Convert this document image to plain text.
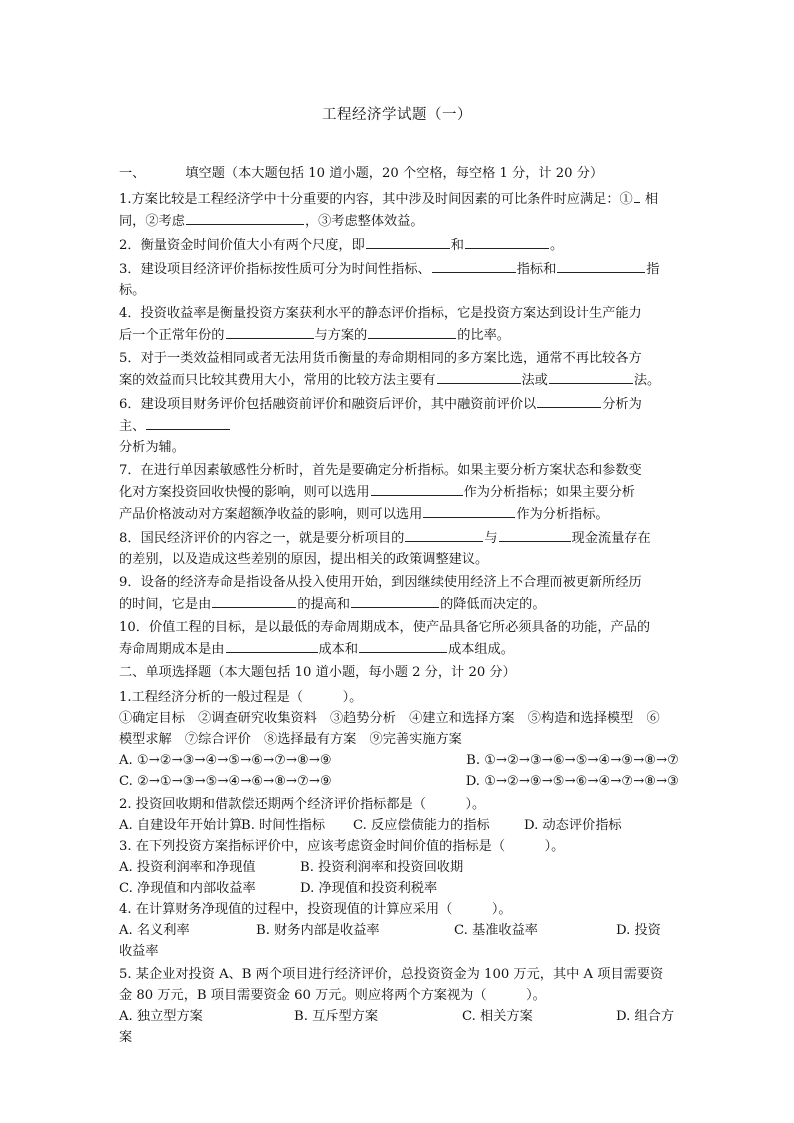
工程经济学试题（一）

一、	填空题（本大题包括 10 道小题，20 个空格，每空格 1 分，计 20 分）

1.方案比较是工程经济学中十分重要的内容，其中涉及时间因素的可比条件时应满足：① 相同，②考虑	，③考虑整体效益。

2．衡量资金时间价值大小有两个尺度，即	和	。

3．建设项目经济评价指标按性质可分为时间性指标、	指标和	指
标。

4．投资收益率是衡量投资方案获利水平的静态评价指标，它是投资方案达到设计生产能力
后一个正常年份的	与方案的	的比率。

5．对于一类效益相同或者无法用货币衡量的寿命期相同的多方案比选，通常不再比较各方
案的效益而只比较其费用大小，常用的比较方法主要有	法或	法。

6．建设项目财务评价包括融资前评价和融资后评价，其中融资前评价以	分析为
主、
分析为辅。

7．在进行单因素敏感性分析时，首先是要确定分析指标。如果主要分析方案状态和参数变
化对方案投资回收快慢的影响，则可以选用	作为分析指标；如果主要分析
产品价格波动对方案超额净收益的影响，则可以选用	作为分析指标。

8．国民经济评价的内容之一，就是要分析项目的	与	现金流量存在
的差别，以及造成这些差别的原因，提出相关的政策调整建议。

9．设备的经济寿命是指设备从投入使用开始，到因继续使用经济上不合理而被更新所经历
的时间，它是由	的提高和	的降低而决定的。

10．价值工程的目标，是以最低的寿命周期成本，使产品具备它所必须具备的功能，产品的
寿命周期成本是由	成本和	成本组成。

二、单项选择题（本大题包括 10 道小题，每小题 2 分，计 20 分）

1.工程经济分析的一般过程是（　　　）。

①确定目标　②调查研究收集资料　③趋势分析　④建立和选择方案　⑤构造和选择模型　⑥

模型求解　⑦综合评价　⑧选择最有方案　⑨完善实施方案

A. ①→②→③→④→⑤→⑥→⑦→⑧→⑨	B. ①→②→③→⑥→⑤→④→⑨→⑧→⑦
C. ②→①→③→⑤→④→⑥→⑧→⑦→⑨	D. ①→②→⑨→⑤→⑥→④→⑦→⑧→③

2. 投资回收期和借款偿还期两个经济评价指标都是（　　　）。

A. 自建设年开始计算B. 时间性指标 C. 反应偿债能力的指标	D. 动态评价指标

3. 在下列投资方案指标评价中，应该考虑资金时间价值的指标是（　　　）。

A. 投资利润率和净现值	B. 投资利润率和投资回收期

C. 净现值和内部收益率	D. 净现值和投资利税率

4. 在计算财务净现值的过程中，投资现值的计算应采用（　　　）。

A. 名义利率	B. 财务内部是收益率	C. 基准收益率	D. 投资

收益率

5. 某企业对投资 A、B 两个项目进行经济评价，总投资资金为 100 万元，其中 A 项目需要资

金 80 万元，B 项目需要资金 60 万元。则应将两个方案视为（　　　）。

A. 独立型方案	B. 互斥型方案	C. 相关方案	D. 组合方

案
